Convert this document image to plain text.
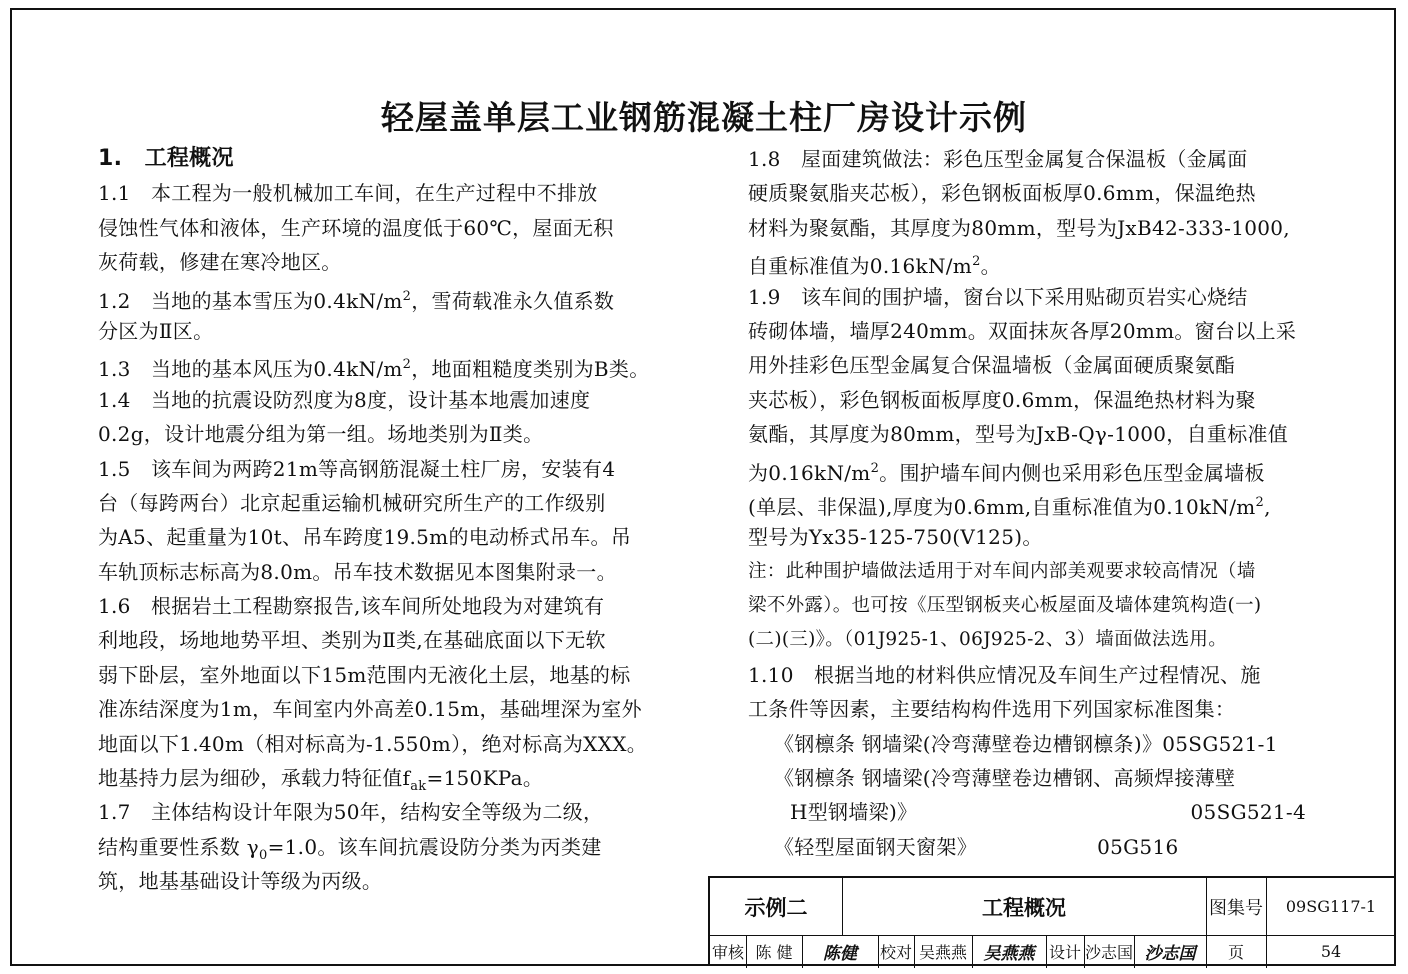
轻屋盖单层工业钢筋混凝土柱厂房设计示例
1.　工程概况
1.1　本工程为一般机械加工车间，在生产过程中不排放
侵蚀性气体和液体，生产环境的温度低于60℃，屋面无积
灰荷载，修建在寒冷地区。
1.2　当地的基本雪压为$0.4kN/m^2$，雪荷载准永久值系数
分区为Ⅱ区。
1.3　当地的基本风压为$0.4kN/m^2$，地面粗糙度类别为B类。
1.4　当地的抗震设防烈度为8度，设计基本地震加速度
0.2g，设计地震分组为第一组。场地类别为Ⅱ类。
1.5　该车间为两跨21m等高钢筋混凝土柱厂房，安装有4
台（每跨两台）北京起重运输机械研究所生产的工作级别
为A5、起重量为10t、吊车跨度19.5m的电动桥式吊车。吊
车轨顶标志标高为8.0m。吊车技术数据见本图集附录一。
1.6　根据岩土工程勘察报告,该车间所处地段为对建筑有
利地段，场地地势平坦、类别为Ⅱ类,在基础底面以下无软
弱下卧层，室外地面以下15m范围内无液化土层，地基的标
准冻结深度为1m，车间室内外高差0.15m，基础埋深为室外
地面以下1.40m（相对标高为-1.550m），绝对标高为XXX。
地基持力层为细砂，承载力特征值$f_{ak}=150KPa$。
1.7　主体结构设计年限为50年，结构安全等级为二级，
结构重要性系数 $\gamma_0=1.0$。该车间抗震设防分类为丙类建
筑，地基基础设计等级为丙级。
1.8　屋面建筑做法：彩色压型金属复合保温板（金属面
硬质聚氨脂夹芯板），彩色钢板面板厚0.6mm，保温绝热
材料为聚氨酯，其厚度为80mm，型号为JxB42-333-1000,
自重标准值为$0.16kN/m^2$。
1.9　该车间的围护墙，窗台以下采用贴砌页岩实心烧结
砖砌体墙，墙厚240mm。双面抹灰各厚20mm。窗台以上采
用外挂彩色压型金属复合保温墙板（金属面硬质聚氨酯
夹芯板），彩色钢板面板厚度0.6mm，保温绝热材料为聚
氨酯，其厚度为80mm，型号为JxB-Qγ-1000，自重标准值
为$0.16kN/m^2$。围护墙车间内侧也采用彩色压型金属墙板
(单层、非保温),厚度为0.6mm,自重标准值为$0.10kN/m^2$,
型号为Yx35-125-750(V125)。
注：此种围护墙做法适用于对车间内部美观要求较高情况（墙
梁不外露）。也可按《压型钢板夹心板屋面及墙体建筑构造(一)
(二)(三)》。（01J925-1、06J925-2、3）墙面做法选用。
1.10　根据当地的材料供应情况及车间生产过程情况、施
工条件等因素，主要结构构件选用下列国家标准图集：
《钢檩条 钢墙梁(冷弯薄壁卷边槽钢檩条)》05SG521-1
《钢檩条 钢墙梁(冷弯薄壁卷边槽钢、高频焊接薄壁
H型钢墙梁)》	05SG521-4
《轻型屋面钢天窗架》	05G516
示例二	工程概况	图集号	09SG117-1
审核 陈 健	陈健	校对 吴燕燕 吴燕燕 设计 沙志国 沙志国	页	54
